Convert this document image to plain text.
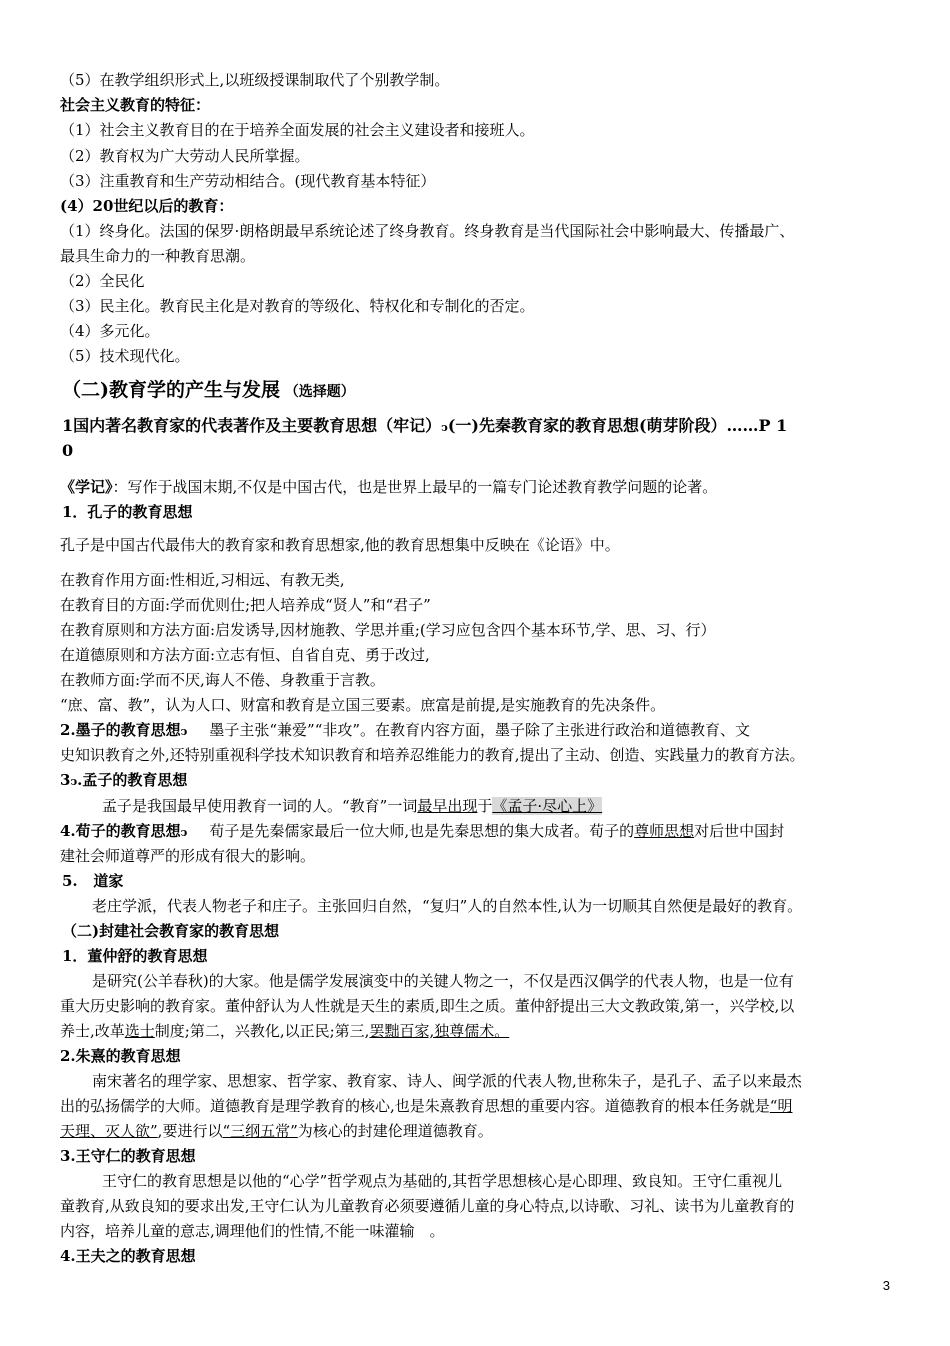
（5）在教学组织形式上,以班级授课制取代了个别教学制。
社会主义教育的特征：
（1）社会主义教育目的在于培养全面发展的社会主义建设者和接班人。
（2）教育权为广大劳动人民所掌握。
（3）注重教育和生产劳动相结合。(现代教育基本特征）
(4）20世纪以后的教育：
（1）终身化。法国的保罗·朗格朗最早系统论述了终身教育。终身教育是当代国际社会中影响最大、传播最广、
最具生命力的一种教育思潮。
（2）全民化
（3）民主化。教育民主化是对教育的等级化、特权化和专制化的否定。
（4）多元化。
（5）技术现代化。
（二)教育学的产生与发展 （选择题）
1国内著名教育家的代表著作及主要教育思想（牢记）ↄ(一)先秦教育家的教育思想(萌芽阶段）……P 1
0
《学记》：写作于战国末期,不仅是中国古代，也是世界上最早的一篇专门论述教育教学问题的论著。
1．孔子的教育思想
孔子是中国古代最伟大的教育家和教育思想家,他的教育思想集中反映在《论语》中。
在教育作用方面:性相近,习相远、有教无类,
在教育目的方面:学而优则仕;把人培养成“贤人”和“君子”
在教育原则和方法方面:启发诱导,因材施教、学思并重;(学习应包含四个基本环节,学、思、习、行）
在道德原则和方法方面:立志有恒、自省自克、勇于改过,
在教师方面:学而不厌,诲人不倦、身教重于言教。
“庶、富、教”，认为人口、财富和教育是立国三要素。庶富是前提,是实施教育的先决条件。
2.墨子的教育思想ↄ 墨子主张“兼爱”“非攻”。在教育内容方面，墨子除了主张进行政治和道德教育、文
史知识教育之外,还特别重视科学技术知识教育和培养忍维能力的教育,提出了主动、创造、实践量力的教育方法。
3ↄ.孟子的教育思想
孟子是我国最早使用教育一词的人。“教育”一词最早出现于《孟子·尽心上》
4.荀子的教育思想ↄ 荀子是先秦儒家最后一位大师,也是先秦思想的集大成者。荀子的尊师思想对后世中国封
建社会师道尊严的形成有很大的影响。
5.   道家
老庄学派，代表人物老子和庄子。主张回归自然，“复归”人的自然本性,认为一切顺其自然便是最好的教育。
（二)封建社会教育家的教育思想
1．董仲舒的教育思想
是研究(公羊春秋)的大家。他是儒学发展演变中的关键人物之一，不仅是西汉偶学的代表人物，也是一位有
重大历史影响的教育家。董仲舒认为人性就是天生的素质,即生之质。董仲舒提出三大文教政策,第一，兴学校,以
养士,改革选士制度;第二，兴教化,以正民;第三,罢黜百家,独尊儒术。
2.朱熹的教育思想
南宋著名的理学家、思想家、哲学家、教育家、诗人、闽学派的代表人物,世称朱子，是孔子、孟子以来最杰
出的弘扬儒学的大师。道德教育是理学教育的核心,也是朱熹教育思想的重要内容。道德教育的根本任务就是“明
天理、灭人欲”,要进行以“三纲五常”为核心的封建伦理道德教育。
3.王守仁的教育思想
王守仁的教育思想是以他的“心学”哲学观点为基础的,其哲学思想核心是心即理、致良知。王守仁重视儿
童教育,从致良知的要求出发,王守仁认为儿童教育必须要遵循儿童的身心特点,以诗歌、习礼、读书为儿童教育的
内容，培养儿童的意志,调理他们的性情,不能一味灌输　。
4.王夫之的教育思想
3
